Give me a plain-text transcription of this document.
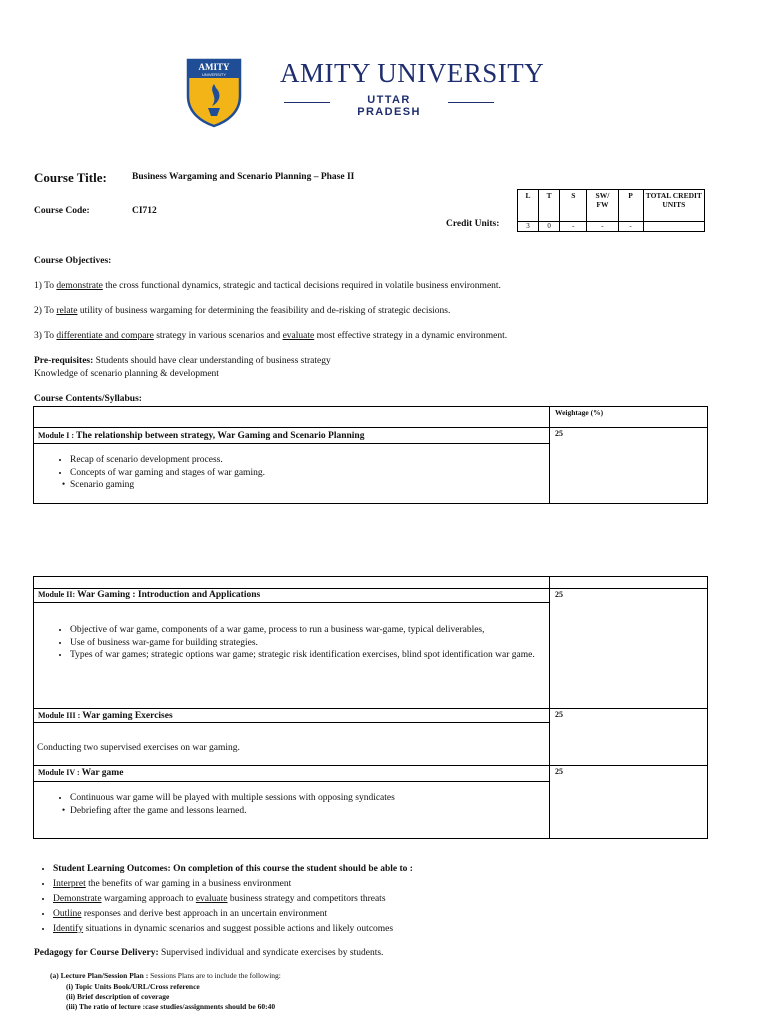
AMITY
UNIVERSITY AMITY UNIVERSITY
UTTAR PRADESH
Course Title:	Business Wargaming and Scenario Planning – Phase II
Course Code:	CI712
Credit Units:
L	T	S	SW/ FW	P	TOTAL CREDIT UNITS
3	0	-	-	-	
Course Objectives:

1) To demonstrate the cross functional dynamics, strategic and tactical decisions required in volatile business environment.

2) To relate utility of business wargaming for determining the feasibility and de-risking of strategic decisions.

3) To differentiate and compare strategy in various scenarios and evaluate most effective strategy in a dynamic environment.

Pre-requisites: Students should have clear understanding of business strategy

Knowledge of scenario planning & development

Course Contents/Syllabus:
Weightage (%)
Module I : The relationship between strategy, War Gaming and Scenario Planning	25
• Recap of scenario development process.
• Concepts of war gaming and stages of war gaming.
• Scenario gaming
Module II: War Gaming : Introduction and Applications	25
• Objective of war game, components of a war game, process to run a business war-game, typical deliverables,
• Use of business war-game for building strategies.
• Types of war games; strategic options war game; strategic risk identification exercises, blind spot identification war game.
Module III : War gaming Exercises	25
Conducting two supervised exercises on war gaming.
Module IV : War game	25
• Continuous war game will be played with multiple sessions with opposing syndicates
• Debriefing after the game and lessons learned.
• Student Learning Outcomes: On completion of this course the student should be able to :
• Interpret the benefits of war gaming in a business environment
• Demonstrate wargaming approach to evaluate business strategy and competitors threats
• Outline responses and derive best approach in an uncertain environment
• Identify situations in dynamic scenarios and suggest possible actions and likely outcomes

Pedagogy for Course Delivery: Supervised individual and syndicate exercises by students.

(a) Lecture Plan/Session Plan : Sessions Plans are to include the following:

(i) Topic Units Book/URL/Cross reference
(ii) Brief description of coverage
(iii) The ratio of lecture :case studies/assignments should be 60:40
